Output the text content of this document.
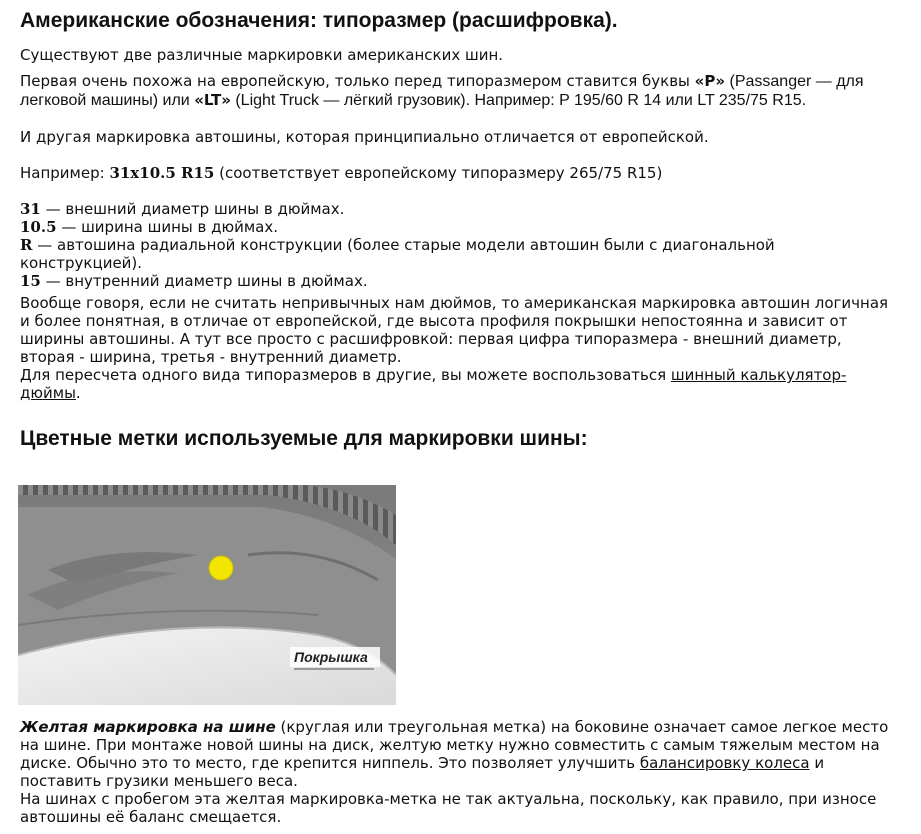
Американские обозначения: типоразмер (расшифровка).

Существуют две различные маркировки американских шин.

Первая очень похожа на европейскую, только перед типоразмером ставится буквы «P» (Passanger — для легковой машины) или «LT» (Light Truck — лёгкий грузовик). Например: P 195/60 R 14 или LT 235/75 R15.

И другая маркировка автошины, которая принципиально отличается от европейской.

Например: 31x10.5 R15 (соответствует европейскому типоразмеру 265/75 R15)

31 — внешний диаметр шины в дюймах.

10.5 — ширина шины в дюймах.

R — автошина радиальной конструкции (более старые модели автошин были с диагональной конструкцией).

15 — внутренний диаметр шины в дюймах.

Вообще говоря, если не считать непривычных нам дюймов, то американская маркировка автошин логичная и более понятная, в отличае от европейской, где высота профиля покрышки непостоянна и зависит от ширины автошины. А тут все просто с расшифровкой: первая цифра типоразмера - внешний диаметр, вторая - ширина, третья - внутренний диаметр.

Для пересчета одного вида типоразмеров в другие, вы можете воспользоваться шинный калькулятор- дюймы.

Цветные метки используемые для маркировки шины:
Покрышка

Желтая маркировка на шине (круглая или треугольная метка) на боковине означает самое легкое место на шине. При монтаже новой шины на диск, желтую метку нужно совместить с самым тяжелым местом на диске. Обычно это то место, где крепится ниппель. Это позволяет улучшить балансировку колеса и поставить грузики меньшего веса.

На шинах с пробегом эта желтая маркировка-метка не так актуальна, поскольку, как правило, при износе автошины её баланс смещается.
